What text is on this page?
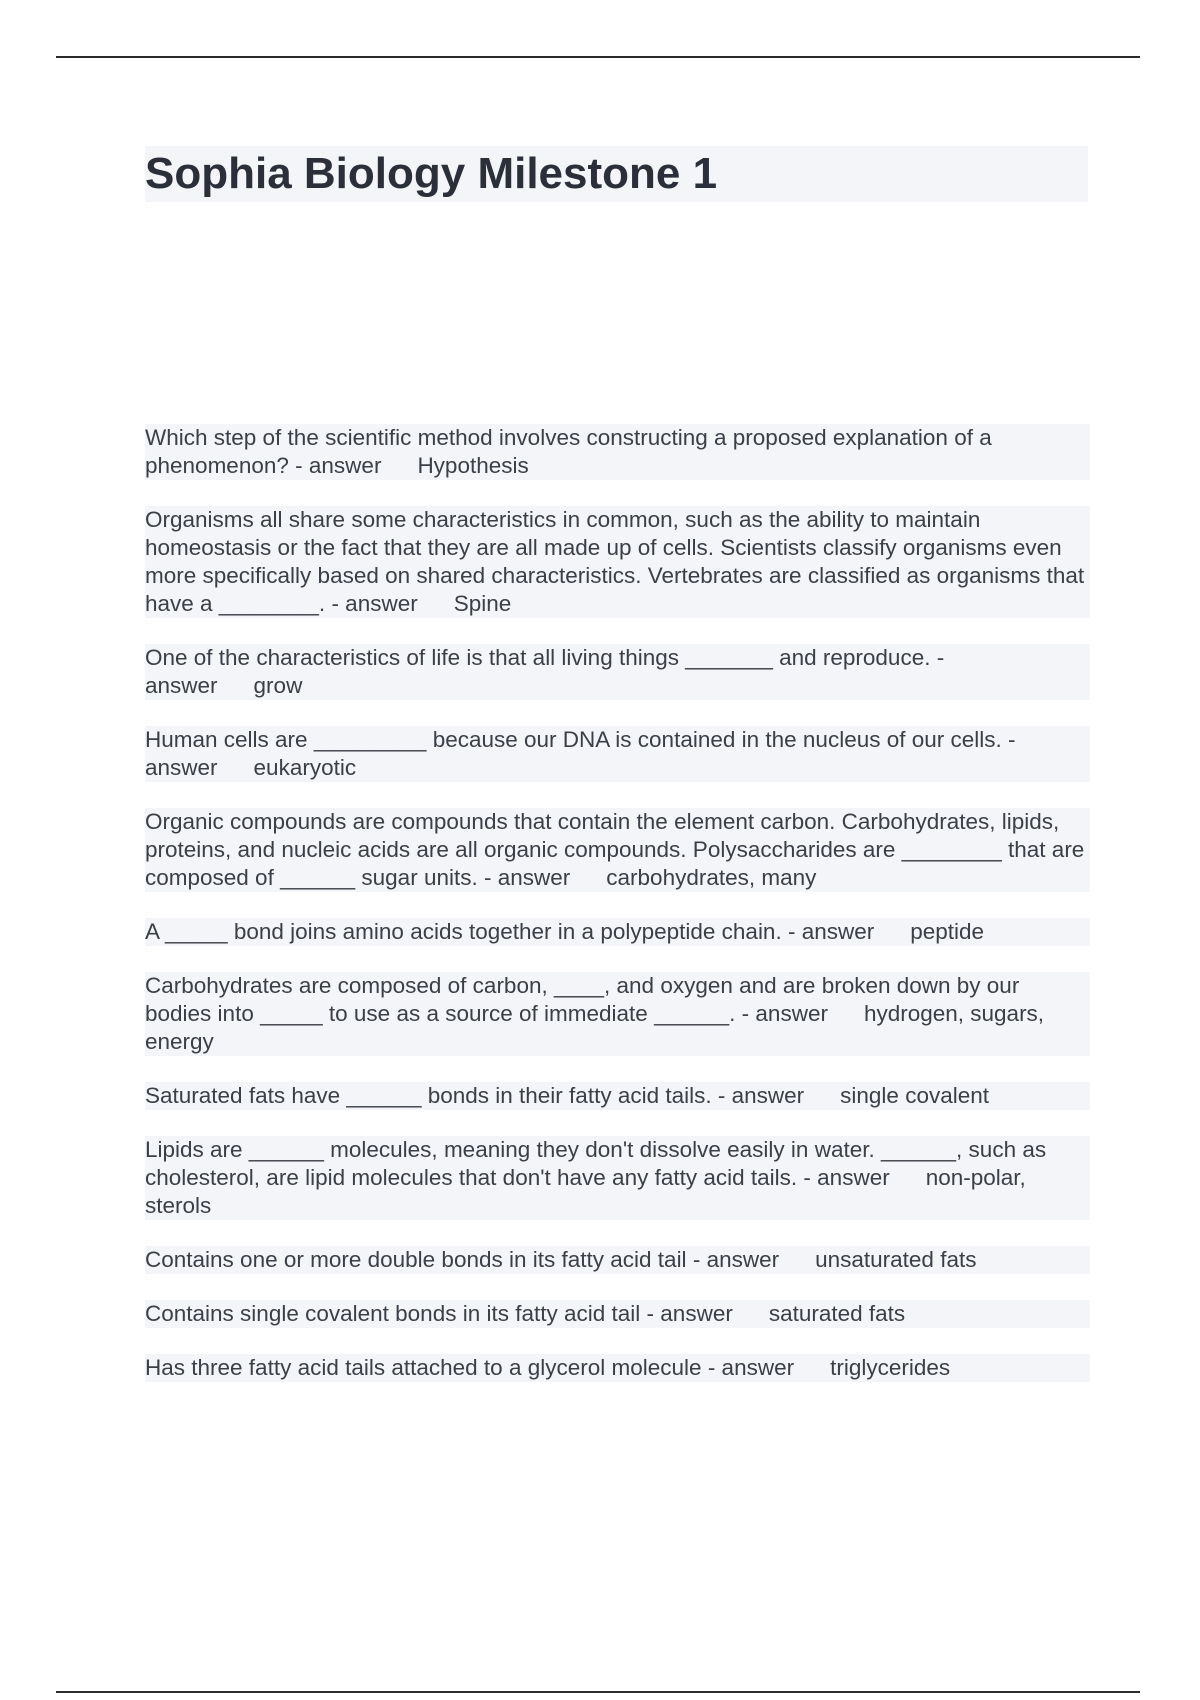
Sophia Biology Milestone 1

Which step of the scientific method involves constructing a proposed explanation of a phenomenon? - answer Hypothesis

Organisms all share some characteristics in common, such as the ability to maintain homeostasis or the fact that they are all made up of cells. Scientists classify organisms even more specifically based on shared characteristics. Vertebrates are classified as organisms that have a ________. - answer Spine

One of the characteristics of life is that all living things _______ and reproduce. - answer grow

Human cells are _________ because our DNA is contained in the nucleus of our cells. - answer eukaryotic

Organic compounds are compounds that contain the element carbon. Carbohydrates, lipids, proteins, and nucleic acids are all organic compounds. Polysaccharides are ________ that are composed of ______ sugar units. - answer carbohydrates, many

A _____ bond joins amino acids together in a polypeptide chain. - answer peptide

Carbohydrates are composed of carbon, ____, and oxygen and are broken down by our bodies into _____ to use as a source of immediate ______. - answer hydrogen, sugars, energy

Saturated fats have ______ bonds in their fatty acid tails. - answer single covalent

Lipids are ______ molecules, meaning they don't dissolve easily in water. ______, such as cholesterol, are lipid molecules that don't have any fatty acid tails. - answer non-polar, sterols

Contains one or more double bonds in its fatty acid tail - answer unsaturated fats

Contains single covalent bonds in its fatty acid tail - answer saturated fats

Has three fatty acid tails attached to a glycerol molecule - answer triglycerides
